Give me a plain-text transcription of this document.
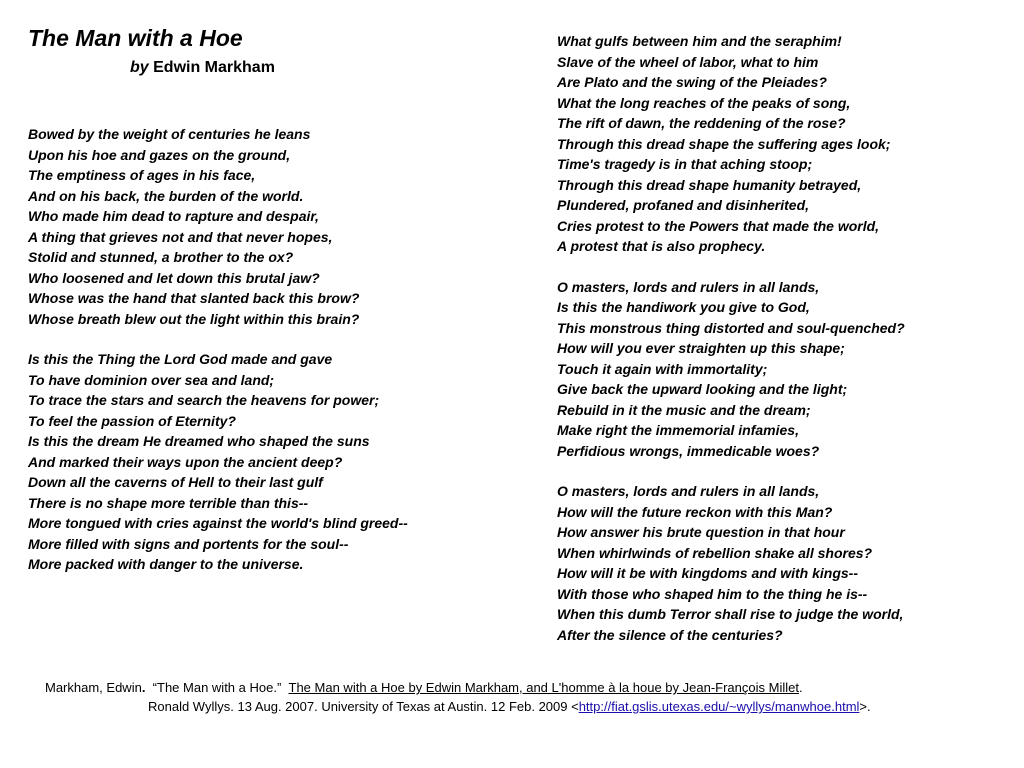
The Man with a Hoe
by Edwin Markham
Bowed by the weight of centuries he leans
Upon his hoe and gazes on the ground,
The emptiness of ages in his face,
And on his back, the burden of the world.
Who made him dead to rapture and despair,
A thing that grieves not and that never hopes,
Stolid and stunned, a brother to the ox?
Who loosened and let down this brutal jaw?
Whose was the hand that slanted back this brow?
Whose breath blew out the light within this brain?
Is this the Thing the Lord God made and gave
To have dominion over sea and land;
To trace the stars and search the heavens for power;
To feel the passion of Eternity?
Is this the dream He dreamed who shaped the suns
And marked their ways upon the ancient deep?
Down all the caverns of Hell to their last gulf
There is no shape more terrible than this--
More tongued with cries against the world's blind greed--
More filled with signs and portents for the soul--
More packed with danger to the universe.
What gulfs between him and the seraphim!
Slave of the wheel of labor, what to him
Are Plato and the swing of the Pleiades?
What the long reaches of the peaks of song,
The rift of dawn, the reddening of the rose?
Through this dread shape the suffering ages look;
Time's tragedy is in that aching stoop;
Through this dread shape humanity betrayed,
Plundered, profaned and disinherited,
Cries protest to the Powers that made the world,
A protest that is also prophecy.
O masters, lords and rulers in all lands,
Is this the handiwork you give to God,
This monstrous thing distorted and soul-quenched?
How will you ever straighten up this shape;
Touch it again with immortality;
Give back the upward looking and the light;
Rebuild in it the music and the dream;
Make right the immemorial infamies,
Perfidious wrongs, immedicable woes?
O masters, lords and rulers in all lands,
How will the future reckon with this Man?
How answer his brute question in that hour
When whirlwinds of rebellion shake all shores?
How will it be with kingdoms and with kings--
With those who shaped him to the thing he is--
When this dumb Terror shall rise to judge the world,
After the silence of the centuries?
Markham, Edwin. “The Man with a Hoe.” The Man with a Hoe by Edwin Markham, and L'homme à la houe by Jean-François Millet.
Ronald Wyllys. 13 Aug. 2007. University of Texas at Austin. 12 Feb. 2009 <http://fiat.gslis.utexas.edu/~wyllys/manwhoe.html>.
